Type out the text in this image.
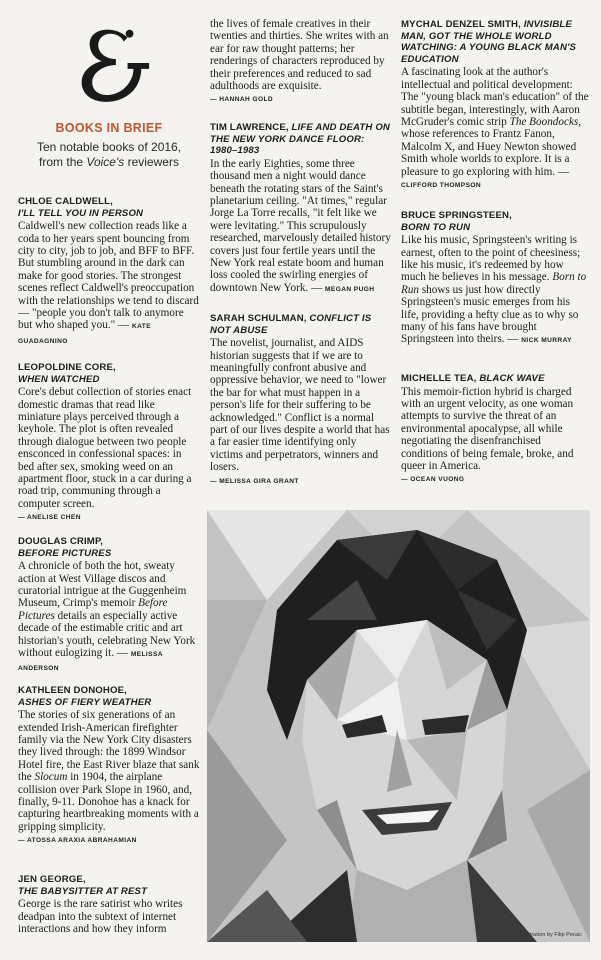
BOOKS IN BRIEF
Ten notable books of 2016,
from the Voice's reviewers

CHLOE CALDWELL,
I'LL TELL YOU IN PERSON

Caldwell's new collection reads like a coda to her years spent bouncing from city to city, job to job, and BFF to BFF. But stumbling around in the dark can make for good stories. The strongest scenes reflect Caldwell's preoccupation with the relationships we tend to discard — "people you don't talk to anymore but who shaped you." — KATE GUADAGNINO

LEOPOLDINE CORE,
WHEN WATCHED

Core's debut collection of stories enact domestic dramas that read like miniature plays perceived through a keyhole. The plot is often revealed through dialogue between two people ensconced in confessional spaces: in bed after sex, smoking weed on an apartment floor, stuck in a car during a road trip, communing through a computer screen.
— ANELISE CHEN

DOUGLAS CRIMP,
BEFORE PICTURES

A chronicle of both the hot, sweaty action at West Village discos and curatorial intrigue at the Guggenheim Museum, Crimp's memoir Before Pictures details an especially active decade of the estimable critic and art historian's youth, celebrating New York without eulogizing it. — MELISSA ANDERSON

KATHLEEN DONOHOE,
ASHES OF FIERY WEATHER

The stories of six generations of an extended Irish-American firefighter family via the New York City disasters they lived through: the 1899 Windsor Hotel fire, the East River blaze that sank the Slocum in 1904, the airplane collision over Park Slope in 1960, and, finally, 9-11. Donohoe has a knack for capturing heartbreaking moments with a gripping simplicity.
— ATOSSA ARAXIA ABRAHAMIAN

JEN GEORGE,
THE BABYSITTER AT REST

George is the rare satirist who writes deadpan into the subtext of internet interactions and how they inform

the lives of female creatives in their twenties and thirties. She writes with an ear for raw thought patterns; her renderings of characters reproduced by their preferences and reduced to sad adulthoods are exquisite.
— HANNAH GOLD

TIM LAWRENCE, LIFE AND DEATH ON THE NEW YORK DANCE FLOOR: 1980–1983

In the early Eighties, some three thousand men a night would dance beneath the rotating stars of the Saint's planetarium ceiling. "At times," regular Jorge La Torre recalls, "it felt like we were levitating." This scrupulously researched, marvelously detailed history covers just four fertile years until the New York real estate boom and human loss cooled the swirling energies of downtown New York. — MEGAN PUGH

SARAH SCHULMAN, CONFLICT IS NOT ABUSE

The novelist, journalist, and AIDS historian suggests that if we are to meaningfully confront abusive and oppressive behavior, we need to "lower the bar for what must happen in a person's life for their suffering to be acknowledged." Conflict is a normal part of our lives despite a world that has a far easier time identifying only victims and perpetrators, winners and losers.
— MELISSA GIRA GRANT

MYCHAL DENZEL SMITH, INVISIBLE MAN, GOT THE WHOLE WORLD WATCHING: A YOUNG BLACK MAN'S EDUCATION

A fascinating look at the author's intellectual and political development: The "young black man's education" of the subtitle began, interestingly, with Aaron McGruder's comic strip The Boondocks, whose references to Frantz Fanon, Malcolm X, and Huey Newton showed Smith whole worlds to explore. It is a pleasure to go exploring with him. — CLIFFORD THOMPSON

BRUCE SPRINGSTEEN,
BORN TO RUN

Like his music, Springsteen's writing is earnest, often to the point of cheesiness; like his music, it's redeemed by how much he believes in his message. Born to Run shows us just how directly Springsteen's music emerges from his life, providing a hefty clue as to why so many of his fans have brought Springsteen into theirs. — NICK MURRAY

MICHELLE TEA, BLACK WAVE

This memoir-fiction hybrid is charged with an urgent velocity, as one woman attempts to survive the threat of an environmental apocalypse, all while negotiating the disenfranchised conditions of being female, broke, and queer in America.
— OCEAN VUONG

Illustration by Filip Peraic
